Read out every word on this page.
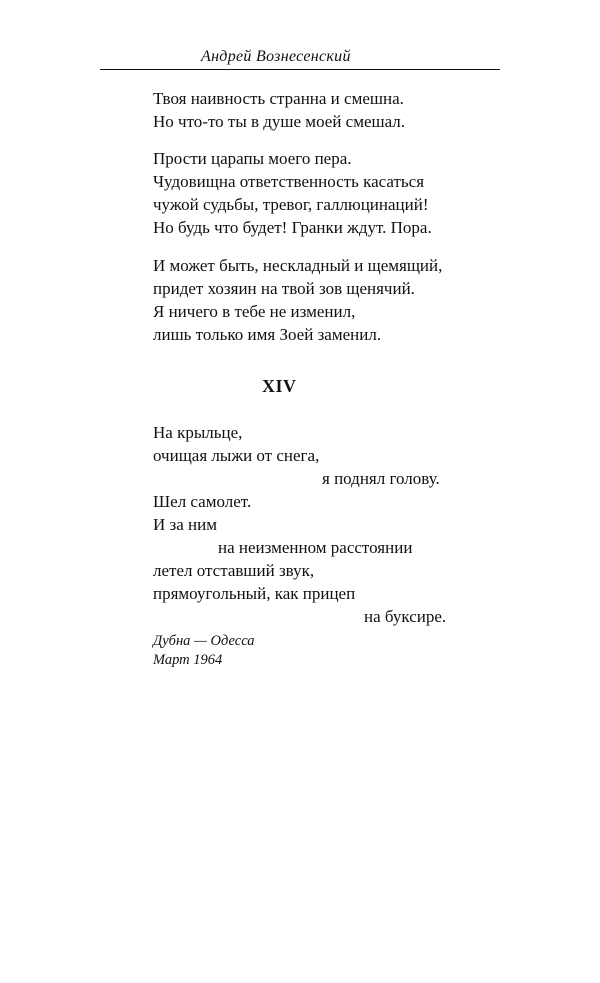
Андрей Вознесенский
Твоя наивность странна и смешна.
Но что-то ты в душе моей смешал.
Прости царапы моего пера.
Чудовищна ответственность касаться
чужой судьбы, тревог, галлюцинаций!
Но будь что будет! Гранки ждут. Пора.
И может быть, нескладный и щемящий,
придет хозяин на твой зов щенячий.
Я ничего в тебе не изменил,
лишь только имя Зоей заменил.
XIV
На крыльце,
очищая лыжи от снега,
я поднял голову.
Шел самолет.
И за ним
на неизменном расстоянии
летел отставший звук,
прямоугольный, как прицеп
на буксире.
Дубна — Одесса
Март 1964
